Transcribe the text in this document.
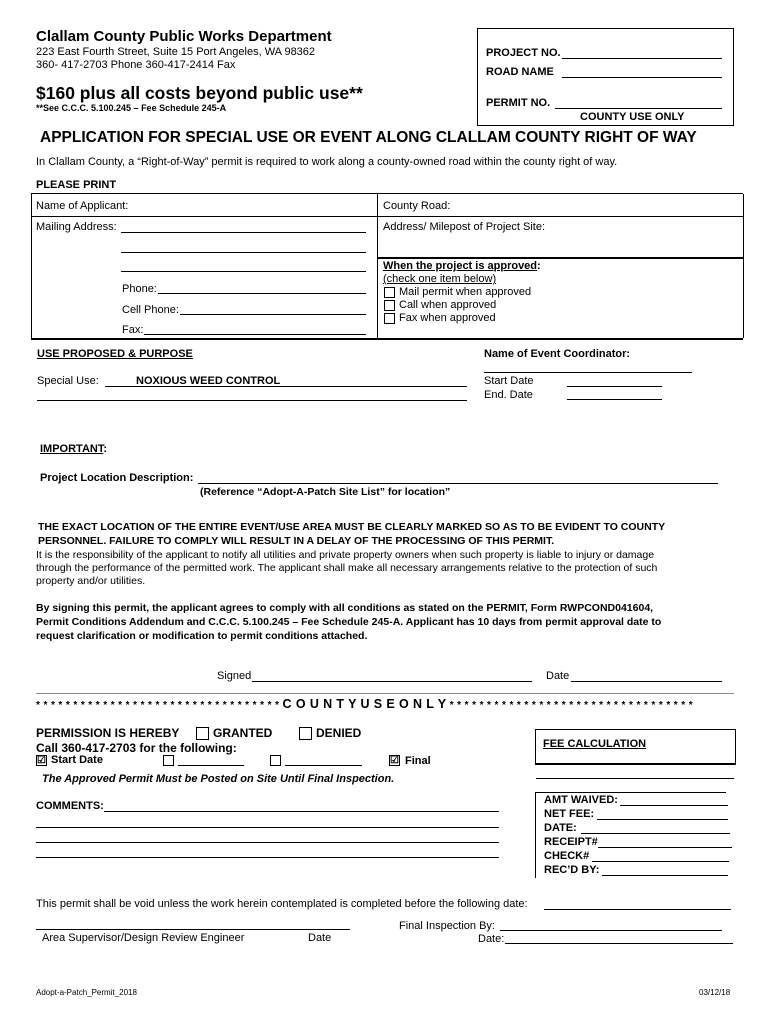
Clallam County Public Works Department
223 East Fourth Street, Suite 15 Port Angeles, WA 98362
360- 417-2703 Phone 360-417-2414 Fax
$160 plus all costs beyond public use**
**See C.C.C. 5.100.245 – Fee Schedule 245-A
PROJECT NO.
ROAD NAME
PERMIT NO.
COUNTY USE ONLY
APPLICATION FOR SPECIAL USE OR EVENT ALONG CLALLAM COUNTY RIGHT OF WAY
In Clallam County, a “Right-of-Way” permit is required to work along a county-owned road within the county right of way.
PLEASE PRINT
Name of Applicant:	County Road:
Mailing Address:
Phone:
Cell Phone:
Fax:
Address/ Milepost of Project Site:
When the project is approved:
(check one item below)
Mail permit when approved
Call when approved
Fax when approved
USE PROPOSED & PURPOSE	Name of Event Coordinator:
Special Use:	NOXIOUS WEED CONTROL	Start Date
End. Date
IMPORTANT:
Project Location Description:
(Reference “Adopt-A-Patch Site List” for location”
THE EXACT LOCATION OF THE ENTIRE EVENT/USE AREA MUST BE CLEARLY MARKED SO AS TO BE EVIDENT TO COUNTY
PERSONNEL. FAILURE TO COMPLY WILL RESULT IN A DELAY OF THE PROCESSING OF THIS PERMIT.
It is the responsibility of the applicant to notify all utilities and private property owners when such property is liable to injury or damage
through the performance of the permitted work. The applicant shall make all necessary arrangements relative to the protection of such
property and/or utilities.
By signing this permit, the applicant agrees to comply with all conditions as stated on the PERMIT, Form RWPCOND041604,
Permit Conditions Addendum and C.C.C. 5.100.245 – Fee Schedule 245-A. Applicant has 10 days from permit approval date to
request clarification or modification to permit conditions attached.
Signed	Date
* * * * * * * * * * * * * * * * * * * * * * * * * * * * * * * * * C O U N T Y U S E O N L Y * * * * * * * * * * * * * * * * * * * * * * * * * * * * * * * * *
PERMISSION IS HEREBY	GRANTED	DENIED
Call 360-417-2703 for the following:
☑ Start Date	☑ Final
The Approved Permit Must be Posted on Site Until Final Inspection.
COMMENTS:
FEE CALCULATION
AMT WAIVED:
NET FEE:
DATE:
RECEIPT#
CHECK#
REC’D BY:
This permit shall be void unless the work herein contemplated is completed before the following date:
Area Supervisor/Design Review Engineer	Date
Final Inspection By:
Date:
Adopt-a-Patch_Permit_2018	03/12/18
